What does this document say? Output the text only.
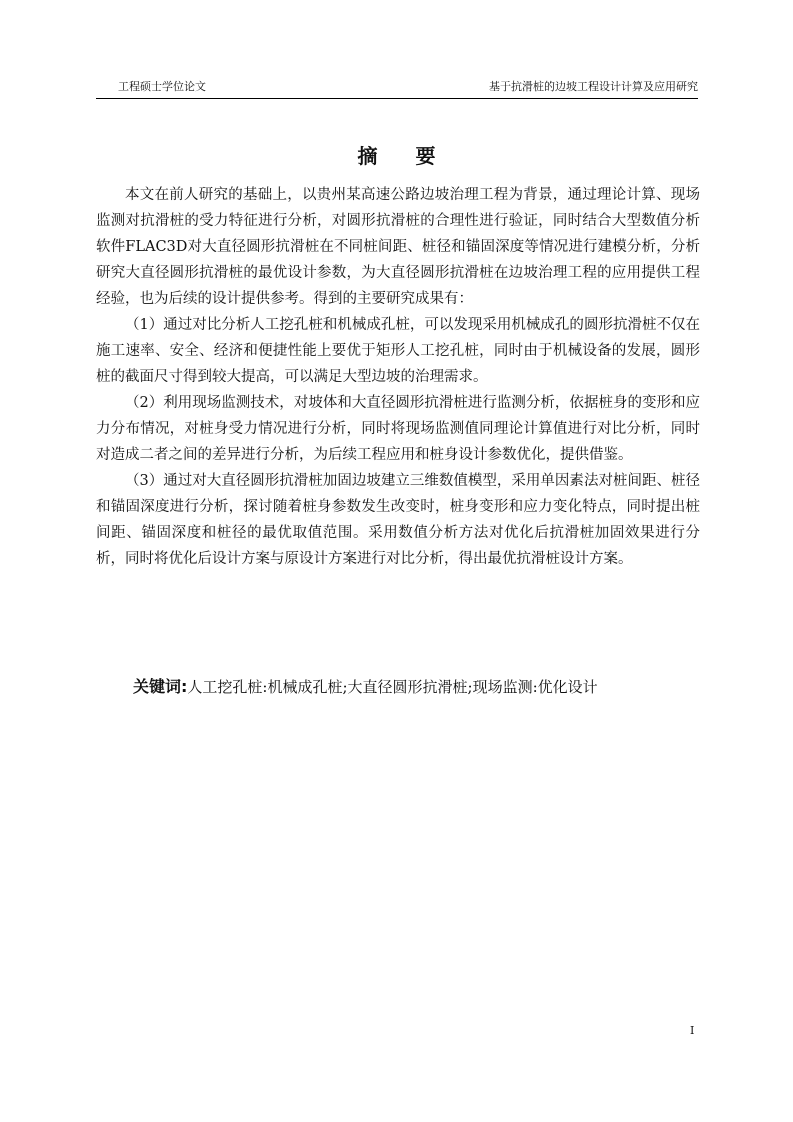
工程硕士学位论文	基于抗滑桩的边坡工程设计计算及应用研究
摘要

本文在前人研究的基础上，以贵州某高速公路边坡治理工程为背景，通过理论计算、现场监测对抗滑桩的受力特征进行分析，对圆形抗滑桩的合理性进行验证，同时结合大型数值分析软件FLAC3D对大直径圆形抗滑桩在不同桩间距、桩径和锚固深度等情况进行建模分析，分析研究大直径圆形抗滑桩的最优设计参数，为大直径圆形抗滑桩在边坡治理工程的应用提供工程经验，也为后续的设计提供参考。得到的主要研究成果有：

（1）通过对比分析人工挖孔桩和机械成孔桩，可以发现采用机械成孔的圆形抗滑桩不仅在施工速率、安全、经济和便捷性能上要优于矩形人工挖孔桩，同时由于机械设备的发展，圆形桩的截面尺寸得到较大提高，可以满足大型边坡的治理需求。

（2）利用现场监测技术，对坡体和大直径圆形抗滑桩进行监测分析，依据桩身的变形和应力分布情况，对桩身受力情况进行分析，同时将现场监测值同理论计算值进行对比分析，同时对造成二者之间的差异进行分析，为后续工程应用和桩身设计参数优化，提供借鉴。

（3）通过对大直径圆形抗滑桩加固边坡建立三维数值模型，采用单因素法对桩间距、桩径和锚固深度进行分析，探讨随着桩身参数发生改变时，桩身变形和应力变化特点，同时提出桩间距、锚固深度和桩径的最优取值范围。采用数值分析方法对优化后抗滑桩加固效果进行分析，同时将优化后设计方案与原设计方案进行对比分析，得出最优抗滑桩设计方案。

关键词:人工挖孔桩:机械成孔桩;大直径圆形抗滑桩;现场监测:优化设计
I
